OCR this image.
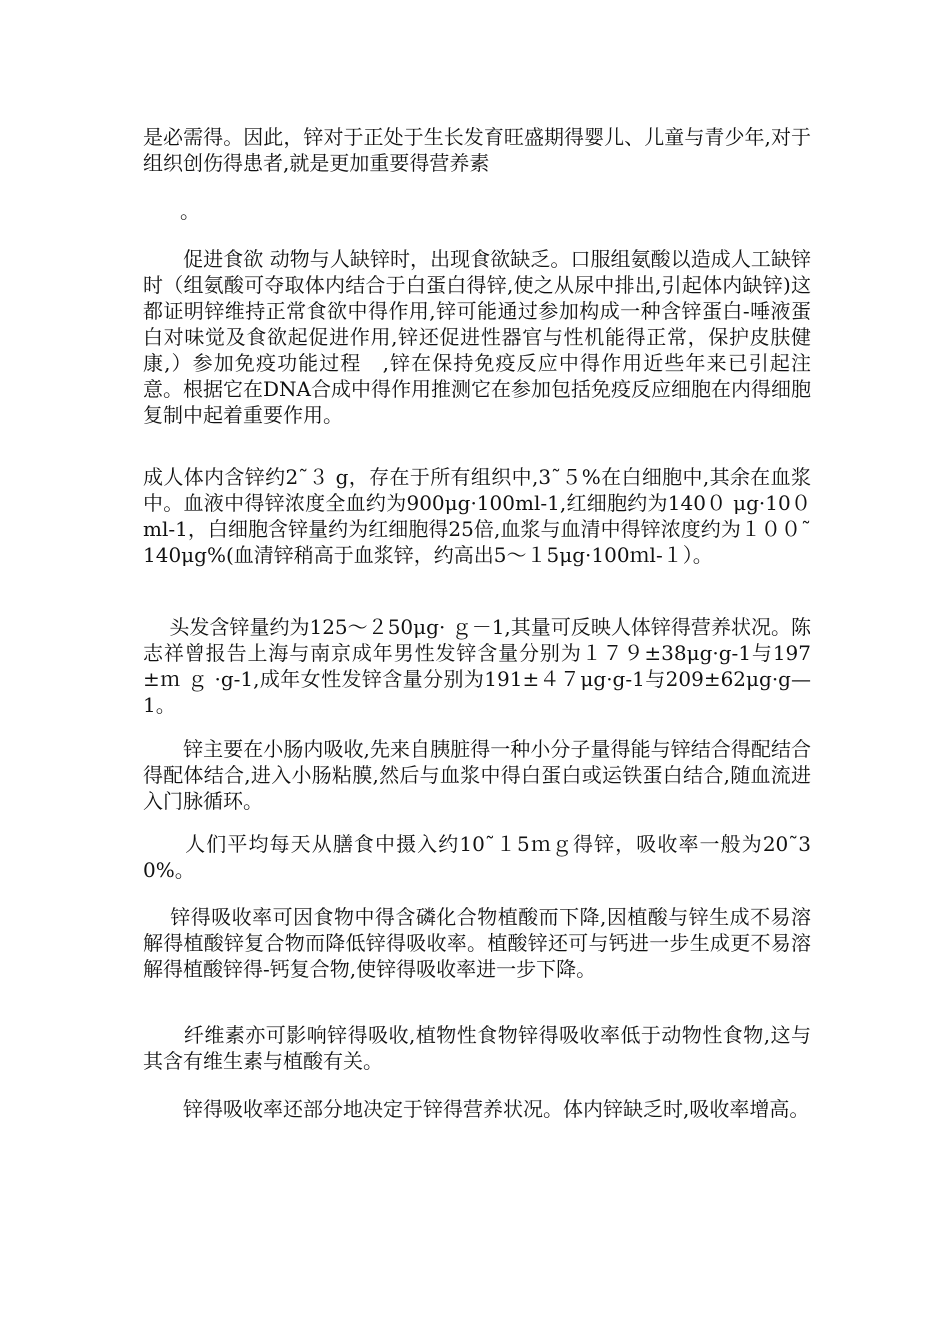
是必需得。因此，锌对于正处于生长发育旺盛期得婴儿、儿童与青少年,对于组织创伤得患者,就是更加重要得营养素

。

　　促进食欲 动物与人缺锌时，出现食欲缺乏。口服组氨酸以造成人工缺锌时（组氨酸可夺取体内结合于白蛋白得锌,使之从尿中排出,引起体内缺锌)这都证明锌维持正常食欲中得作用,锌可能通过参加构成一种含锌蛋白-唾液蛋白对味觉及食欲起促进作用,锌还促进性器官与性机能得正常，保护皮肤健康,）参加免疫功能过程　,锌在保持免疫反应中得作用近些年来已引起注意。根据它在DNA合成中得作用推测它在参加包括免疫反应细胞在内得细胞复制中起着重要作用。

成人体内含锌约2˜３ g，存在于所有组织中,3˜５%在白细胞中,其余在血浆中。血液中得锌浓度全血约为900μg·100ml-1,红细胞约为140０ μg·10０ ml-1，白细胞含锌量约为红细胞得25倍,血浆与血清中得锌浓度约为１００˜140μg%(血清锌稍高于血浆锌，约高出5～１5μg·100ｍl-１）。

　 头发含锌量约为125～２50μg· ｇ－1,其量可反映人体锌得营养状况。陈志祥曾报告上海与南京成年男性发锌含量分别为１７９±38μg·g-1与197±ｍ ｇ ·g-1,成年女性发锌含量分别为191±４７μg·g-1与209±62μg·g—1。

　　锌主要在小肠内吸收,先来自胰脏得一种小分子量得能与锌结合得配结合得配体结合,进入小肠粘膜,然后与血浆中得白蛋白或运铁蛋白结合,随血流进入门脉循环。

　　人们平均每天从膳食中摄入约10˜１5ｍｇ得锌，吸收率一般为20˜30%。

　 锌得吸收率可因食物中得含磷化合物植酸而下降,因植酸与锌生成不易溶解得植酸锌复合物而降低锌得吸收率。植酸锌还可与钙进一步生成更不易溶解得植酸锌得-钙复合物,使锌得吸收率进一步下降。

　　纤维素亦可影响锌得吸收,植物性食物锌得吸收率低于动物性食物,这与其含有维生素与植酸有关。

　　锌得吸收率还部分地决定于锌得营养状况。体内锌缺乏时,吸收率增高。
